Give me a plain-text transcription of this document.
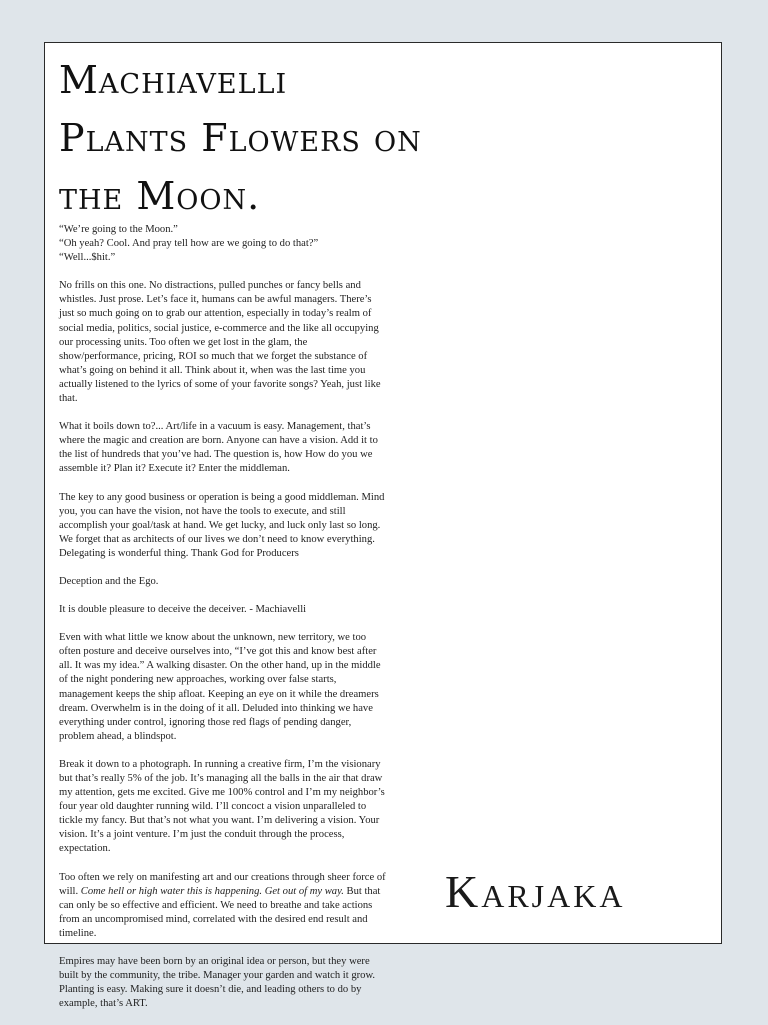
Machiavelli
Plants Flowers on
the Moon.

“We’re going to the Moon.”

“Oh yeah? Cool. And pray tell how are we going to do that?”

“Well...$hit.”

No frills on this one. No distractions, pulled punches or fancy bells and whistles. Just prose. Let’s face it, humans can be awful managers. There’s just so much going on to grab our attention, especially in today’s realm of social media, politics, social justice, e-commerce and the like all occupying our processing units. Too often we get lost in the glam, the show/performance, pricing, ROI so much that we forget the substance of what’s going on behind it all. Think about it, when was the last time you actually listened to the lyrics of some of your favorite songs? Yeah, just like that.

What it boils down to?... Art/life in a vacuum is easy. Management, that’s where the magic and creation are born. Anyone can have a vision. Add it to the list of hundreds that you’ve had. The question is, how How do you we assemble it? Plan it? Execute it? Enter the middleman.

The key to any good business or operation is being a good middleman. Mind you, you can have the vision, not have the tools to execute, and still accomplish your goal/task at hand. We get lucky, and luck only last so long. We forget that as architects of our lives we don’t need to know everything. Delegating is wonderful thing. Thank God for Producers

Deception and the Ego.

It is double pleasure to deceive the deceiver. - Machiavelli

Even with what little we know about the unknown, new territory, we too often posture and deceive ourselves into, “I’ve got this and know best after all. It was my idea.” A walking disaster. On the other hand, up in the middle of the night pondering new approaches, working over false starts, management keeps the ship afloat. Keeping an eye on it while the dreamers dream. Overwhelm is in the doing of it all. Deluded into thinking we have everything under control, ignoring those red flags of pending danger, problem ahead, a blindspot.

Break it down to a photograph. In running a creative firm, I’m the visionary but that’s really 5% of the job. It’s managing all the balls in the air that draw my attention, gets me excited. Give me 100% control and I’m my neighbor’s four year old daughter running wild. I’ll concoct a vision unparalleled to tickle my fancy. But that’s not what you want. I’m delivering a vision. Your vision. It’s a joint venture. I’m just the conduit through the process, expectation.

Too often we rely on manifesting art and our creations through sheer force of will. Come hell or high water this is happening. Get out of my way. But that can only be so effective and efficient. We need to breathe and take actions from an uncompromised mind, correlated with the desired end result and timeline.

Empires may have been born by an original idea or person, but they were built by the community, the tribe. Manager your garden and watch it grow. Planting is easy. Making sure it doesn’t die, and leading others to do by example, that’s ART.

Karjaka
